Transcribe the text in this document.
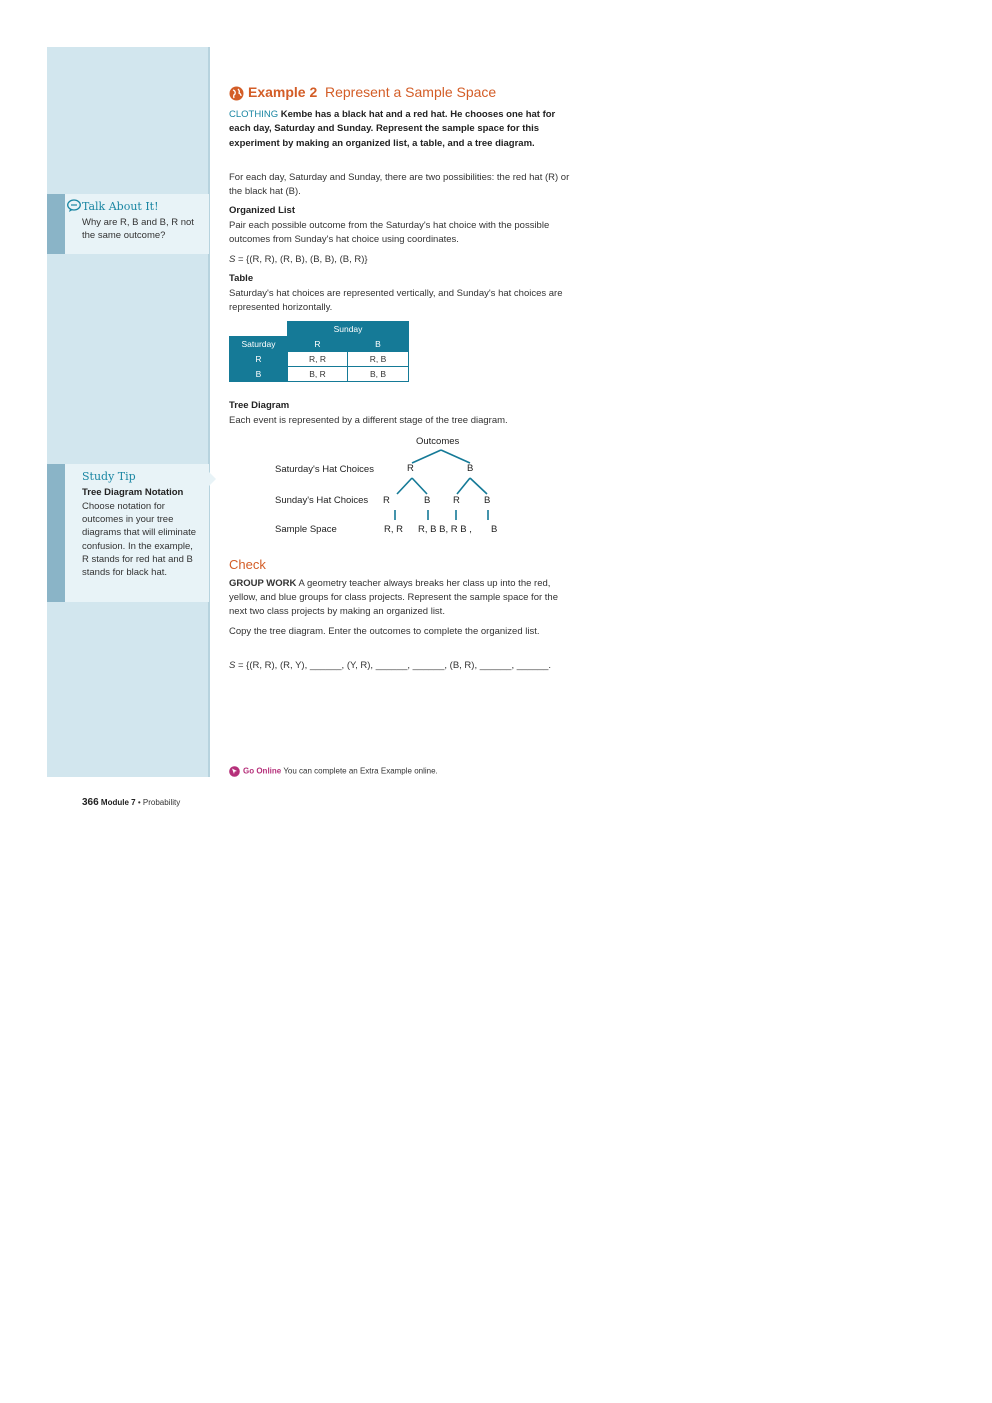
Talk About It!
Why are R, B and B, R not the same outcome?
Study Tip
Tree Diagram Notation
Choose notation for outcomes in your tree diagrams that will eliminate confusion. In the example, R stands for red hat and B stands for black hat.
Example 2 Represent a Sample Space
CLOTHING Kembe has a black hat and a red hat. He chooses one hat for each day, Saturday and Sunday. Represent the sample space for this experiment by making an organized list, a table, and a tree diagram.
For each day, Saturday and Sunday, there are two possibilities: the red hat (R) or the black hat (B).
Organized List
Pair each possible outcome from the Saturday's hat choice with the possible outcomes from Sunday's hat choice using coordinates.
S = {(R, R), (R, B), (B, B), (B, R)}
Table
Saturday's hat choices are represented vertically, and Sunday's hat choices are represented horizontally.
	Sunday	
Saturday	R	B
R	R, R	R, B
B	B, R	B, B
Tree Diagram
Each event is represented by a different stage of the tree diagram.
Outcomes
Saturday's Hat Choices
Sunday's Hat Choices
Sample Space
R	B
R	B R	B
R, R R, B B, R B , B
Check
GROUP WORK A geometry teacher always breaks her class up into the red, yellow, and blue groups for class projects. Represent the sample space for the next two class projects by making an organized list.
Copy the tree diagram. Enter the outcomes to complete the organized list.
S = {(R, R), (R, Y), ______, (Y, R), ______, ______, (B, R), ______, ______.
Go Online You can complete an Extra Example online.
366 Module 7 • Probability
